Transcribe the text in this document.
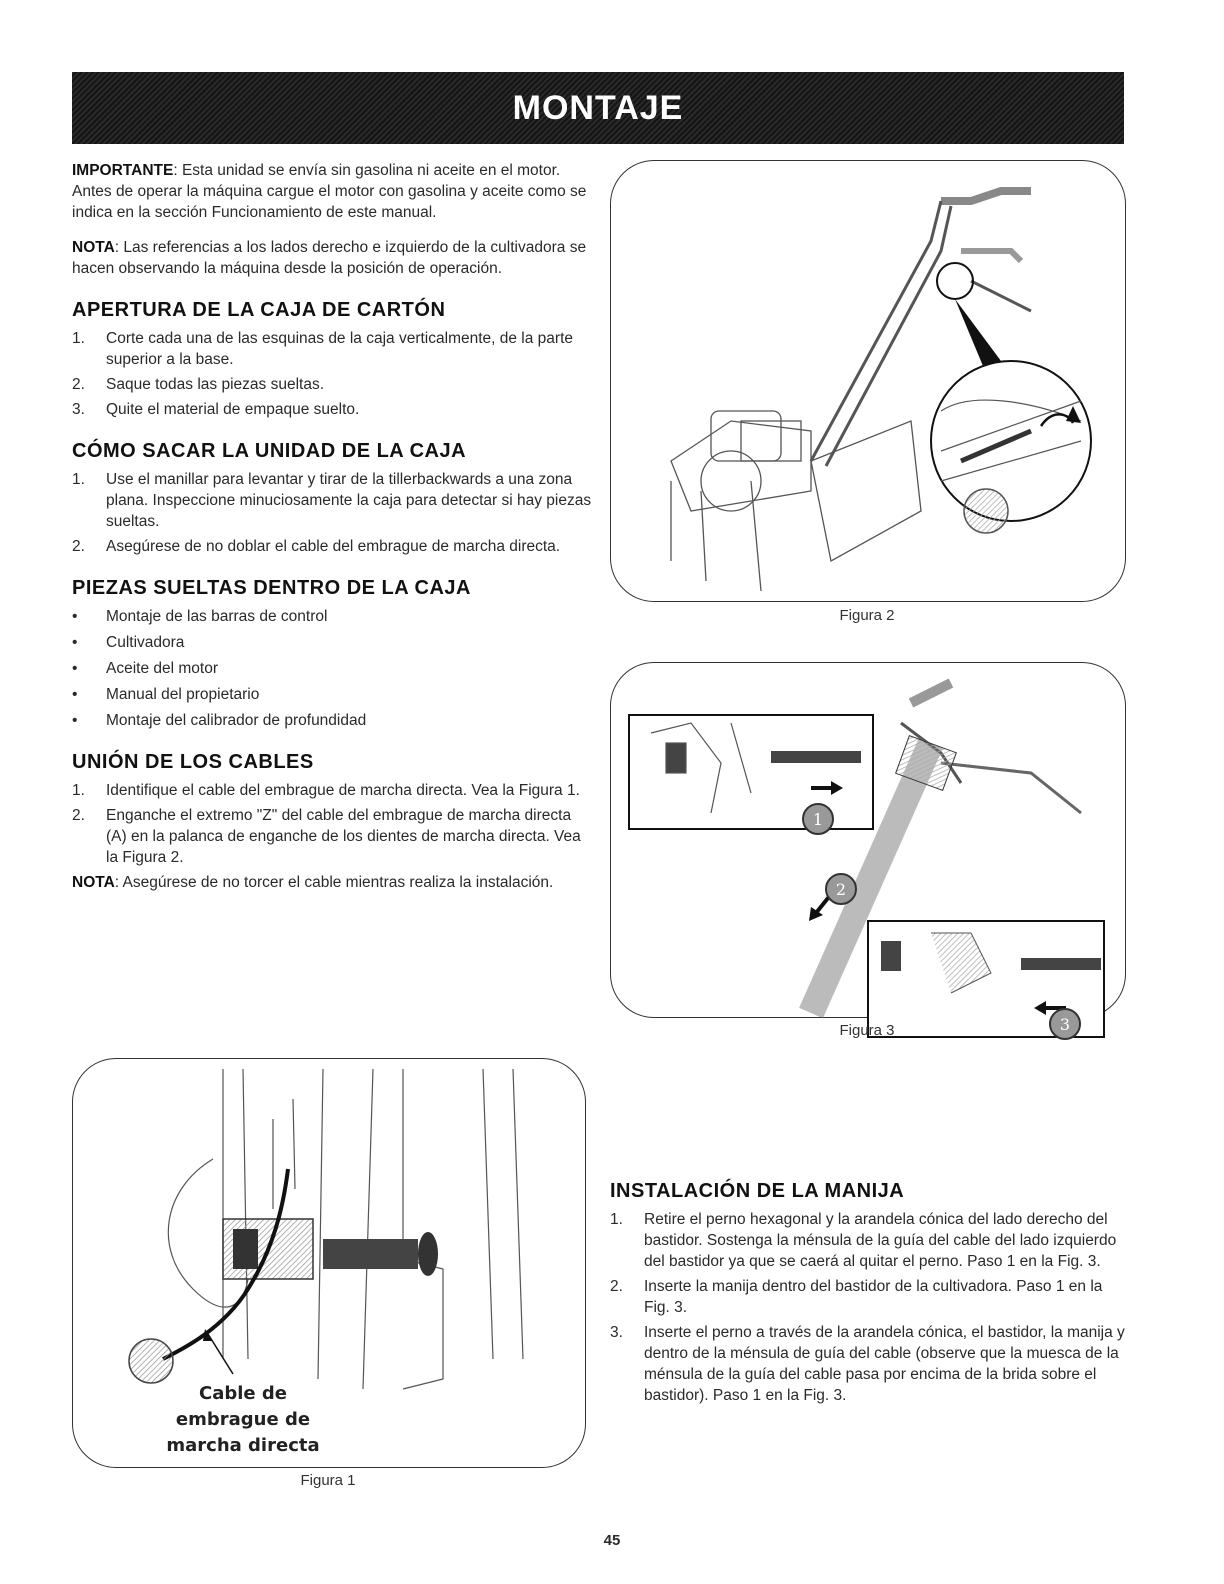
MONTAJE

IMPORTANTE: Esta unidad se envía sin gasolina ni aceite en el motor. Antes de operar la máquina cargue el motor con gasolina y aceite como se indica en la sección Funcionamiento de este manual.

NOTA: Las referencias a los lados derecho e izquierdo de la cultivadora se hacen observando la máquina desde la posición de operación.

APERTURA DE LA CAJA DE CARTÓN
1. Corte cada una de las esquinas de la caja verticalmente, de la parte superior a la base.
2. Saque todas las piezas sueltas.
3. Quite el material de empaque suelto.
CÓMO SACAR LA UNIDAD DE LA CAJA
1. Use el manillar para levantar y tirar de la tillerbackwards a una zona plana. Inspeccione minuciosamente la caja para detectar si hay piezas sueltas.
2. Asegúrese de no doblar el cable del embrague de marcha directa.
PIEZAS SUELTAS DENTRO DE LA CAJA
• Montaje de las barras de control
• Cultivadora
• Aceite del motor
• Manual del propietario
• Montaje del calibrador de profundidad
UNIÓN DE LOS CABLES
1. Identifique el cable del embrague de marcha directa. Vea la Figura 1.
2. Enganche el extremo "Z" del cable del embrague de marcha directa (A) en la palanca de enganche de los dientes de marcha directa. Vea la Figura 2.

NOTA: Asegúrese de no torcer el cable mientras realiza la instalación.

Cable de
embrague de
marcha directa
Figura 1
Figura 2
1
2
3
Figura 3
INSTALACIÓN DE LA MANIJA
1. Retire el perno hexagonal y la arandela cónica del lado derecho del bastidor. Sostenga la ménsula de la guía del cable del lado izquierdo del bastidor ya que se caerá al quitar el perno. Paso 1 en la Fig. 3.
2. Inserte la manija dentro del bastidor de la cultivadora. Paso 1 en la Fig. 3.
3. Inserte el perno a través de la arandela cónica, el bastidor, la manija y dentro de la ménsula de guía del cable (observe que la muesca de la ménsula de la guía del cable pasa por encima de la brida sobre el bastidor). Paso 1 en la Fig. 3.
45
